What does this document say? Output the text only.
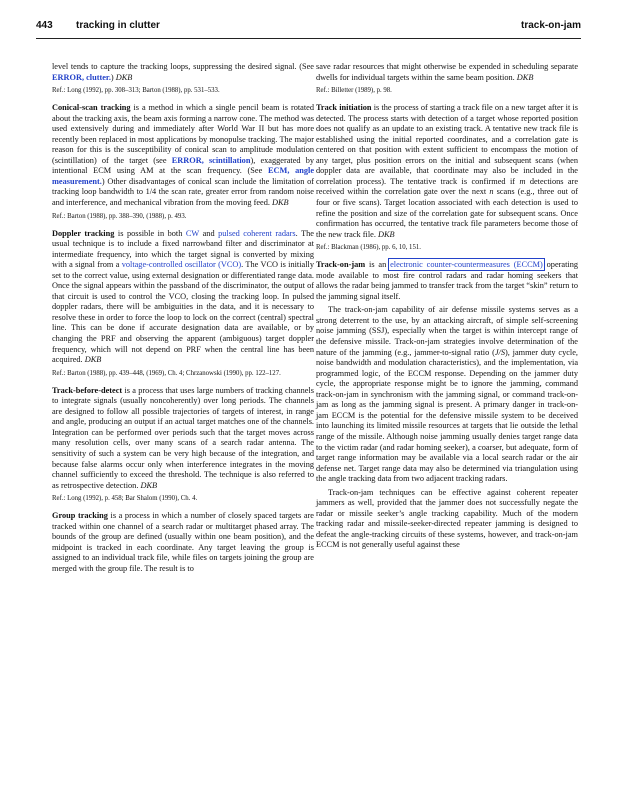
443 tracking in clutter	track-on-jam

level tends to capture the tracking loops, suppressing the desired signal. (See ERROR, clutter.) DKB

Ref.: Long (1992), pp. 308–313; Barton (1988), pp. 531–533.

Conical-scan tracking is a method in which a single pencil beam is rotated about the tracking axis, the beam axis forming a narrow cone. The method was used extensively during and immediately after World War II but has more recently been replaced in most applications by monopulse tracking. The major reason for this is the susceptibility of conical scan to amplitude modulation (scintillation) of the target (see ERROR, scintillation), exaggerated by intentional ECM using AM at the scan frequency. (See ECM, angle measurement.) Other disadvantages of conical scan include the limitation of tracking loop bandwidth to 1/4 the scan rate, greater error from random noise and interference, and mechanical vibration from the moving feed. DKB

Ref.: Barton (1988), pp. 388–390, (1988), p. 493.

Doppler tracking is possible in both CW and pulsed coherent radars. The usual technique is to include a fixed narrowband filter and discriminator at intermediate frequency, into which the target signal is converted by mixing with a signal from a voltage-controlled oscillator (VCO). The VCO is initially set to the correct value, using external designation or differentiated range data. Once the signal appears within the passband of the discriminator, the output of that circuit is used to control the VCO, closing the tracking loop. In pulsed doppler radars, there will be ambiguities in the data, and it is necessary to resolve these in order to force the loop to lock on the correct (central) spectral line. This can be done if accurate designation data are available, or by changing the PRF and observing the apparent (ambiguous) target doppler frequency, which will not depend on PRF when the central line has been acquired. DKB

Ref.: Barton (1988), pp. 439–448, (1969), Ch. 4; Chrzanowski (1990), pp. 122–127.

Track-before-detect is a process that uses large numbers of tracking channels to integrate signals (usually noncoherently) over long periods. The channels are designed to follow all possible trajectories of targets of interest, in range and angle, producing an output if an actual target matches one of the channels. Integration can be performed over periods such that the target moves across many resolution cells, over many scans of a search radar antenna. The sensitivity of such a system can be very high because of the integration, and because false alarms occur only when interference integrates in the moving channel sufficiently to exceed the threshold. The technique is also referred to as retrospective detection. DKB

Ref.: Long (1992), p. 458; Bar Shalom (1990), Ch. 4.

Group tracking is a process in which a number of closely spaced targets are tracked within one channel of a search radar or multitarget phased array. The bounds of the group are defined (usually within one beam position), and the midpoint is tracked in each coordinate. Any target leaving the group is assigned to an individual track file, while files on targets joining the group are merged with the group file. The result is to

save radar resources that might otherwise be expended in scheduling separate dwells for individual targets within the same beam position. DKB

Ref.: Billetter (1989), p. 98.

Track initiation is the process of starting a track file on a new target after it is detected. The process starts with detection of a target whose reported position does not qualify as an update to an existing track. A tentative new track file is established using the initial reported coordinates, and a correlation gate is centered on that position with extent sufficient to encompass the motion of any target, plus position errors on the initial and subsequent scans (when doppler data are available, that coordinate may also be included in the correlation process). The tentative track is confirmed if m detections are received within the correlation gate over the next n scans (e.g., three out of four or five scans). Target location associated with each detection is used to refine the position and size of the correlation gate for subsequent scans. Once confirmation has occurred, the tentative track file parameters become those of the new track file. DKB

Ref.: Blackman (1986), pp. 6, 10, 151.

Track-on-jam is an electronic counter-countermeasures (ECCM) operating mode available to most fire control radars and radar homing seekers that allows the radar being jammed to transfer track from the target “skin” return to the jamming signal itself.

The track-on-jam capability of air defense missile systems serves as a strong deterrent to the use, by an attacking aircraft, of simple self-screening noise jamming (SSJ), especially when the target is within intercept range of the defensive missile. Track-on-jam strategies involve determination of the nature of the jamming (e.g., jammer-to-signal ratio (J/S), jammer duty cycle, noise bandwidth and modulation characteristics), and the implementation, via programmed logic, of the ECCM response. Depending on the jammer duty cycle, the appropriate response might be to ignore the jamming, command track-on-jam in synchronism with the jamming signal, or command track-on-jam as long as the jamming signal is present. A primary danger in track-on-jam ECCM is the potential for the defensive missile system to be deceived into launching its limited missile resources at targets that lie outside the lethal range of the missile. Although noise jamming usually denies target range data to the victim radar (and radar homing seeker), a coarser, but adequate, form of target range information may be available via a local search radar or the air defense net. Target range data may also be determined via triangulation using the angle tracking data from two adjacent tracking radars.

Track-on-jam techniques can be effective against coherent repeater jammers as well, provided that the jammer does not successfully negate the radar or missile seeker’s angle tracking capability. Much of the modern tracking radar and missile-seeker-directed repeater jamming is designed to defeat the angle-tracking circuits of these systems, however, and track-on-jam ECCM is not generally useful against these
